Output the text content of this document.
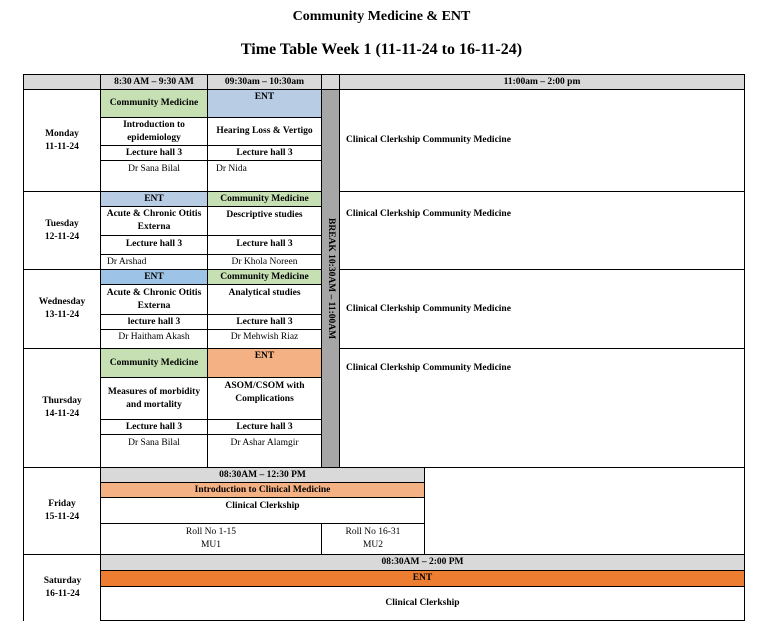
Community Medicine & ENT
Time Table Week 1 (11-11-24 to 16-11-24)
8:30 AM – 9:30 AM	09:30am – 10:30am	11:00am – 2:00 pm
BREAK 10:30AM – 11:00AM
Monday
11-11-24
Community Medicine
Introduction to epidemiology
Lecture hall 3
Dr Sana Bilal
ENT
Hearing Loss & Vertigo
Lecture hall 3
Dr Nida
Clinical Clerkship Community Medicine
Tuesday
12-11-24
ENT
Acute & Chronic Otitis Externa
Lecture hall 3
Dr Arshad
Community Medicine
Descriptive studies
Lecture hall 3
Dr Khola Noreen
Clinical Clerkship Community Medicine
Wednesday
13-11-24
ENT
Acute & Chronic Otitis Externa
lecture hall 3
Dr Haitham Akash
Community Medicine
Analytical studies
Lecture hall 3
Dr Mehwish Riaz
Clinical Clerkship Community Medicine
Thursday
14-11-24
Community Medicine
Measures of morbidity and mortality
Lecture hall 3
Dr Sana Bilal
ENT
ASOM/CSOM with Complications
Lecture hall 3
Dr Ashar Alamgir
Clinical Clerkship Community Medicine
Friday
15-11-24
08:30AM – 12:30 PM
Introduction to Clinical Medicine
Clinical Clerkship
Roll No 1-15
MU1
Roll No 16-31
MU2
Saturday
16-11-24
08:30AM – 2:00 PM
ENT
Clinical Clerkship
